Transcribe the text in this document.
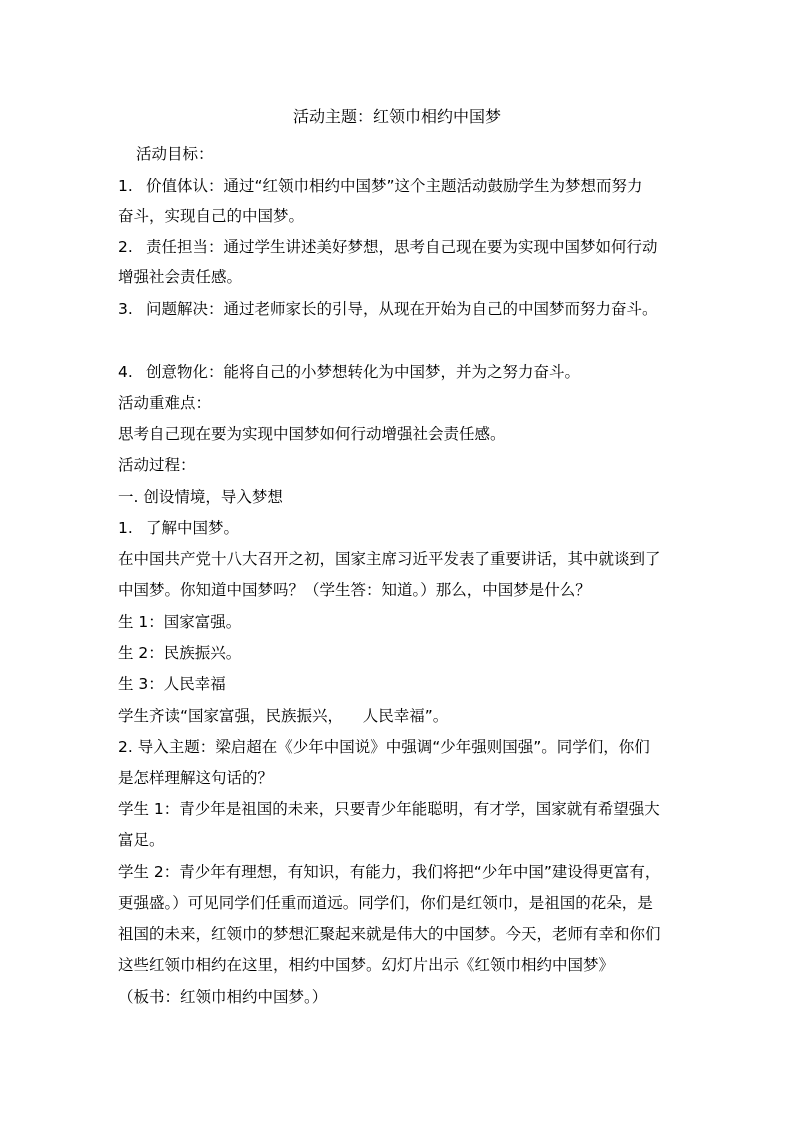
活动主题：红领巾相约中国梦
活动目标：
1. 价值体认：通过“红领巾相约中国梦”这个主题活动鼓励学生为梦想而努力
奋斗，实现自己的中国梦。
2. 责任担当：通过学生讲述美好梦想，思考自己现在要为实现中国梦如何行动
增强社会责任感。
3. 问题解决：通过老师家长的引导，从现在开始为自己的中国梦而努力奋斗。
4. 创意物化：能将自己的小梦想转化为中国梦，并为之努力奋斗。
活动重难点：
思考自己现在要为实现中国梦如何行动增强社会责任感。
活动过程：
一. 创设情境，导入梦想
1. 了解中国梦。
在中国共产党十八大召开之初，国家主席习近平发表了重要讲话，其中就谈到了
中国梦。你知道中国梦吗？（学生答：知道。）那么，中国梦是什么？
生 1：国家富强。
生 2：民族振兴。
生 3：人民幸福
学生齐读“国家富强，民族振兴，    人民幸福”。
2. 导入主题：梁启超在《少年中国说》中强调“少年强则国强”。同学们，你们
是怎样理解这句话的？
学生 1：青少年是祖国的未来，只要青少年能聪明，有才学，国家就有希望强大
富足。
学生 2：青少年有理想，有知识，有能力，我们将把“少年中国”建设得更富有，
更强盛。）可见同学们任重而道远。同学们，你们是红领巾，是祖国的花朵，是
祖国的未来，红领巾的梦想汇聚起来就是伟大的中国梦。今天，老师有幸和你们
这些红领巾相约在这里，相约中国梦。幻灯片出示《红领巾相约中国梦》
（板书：红领巾相约中国梦。）
